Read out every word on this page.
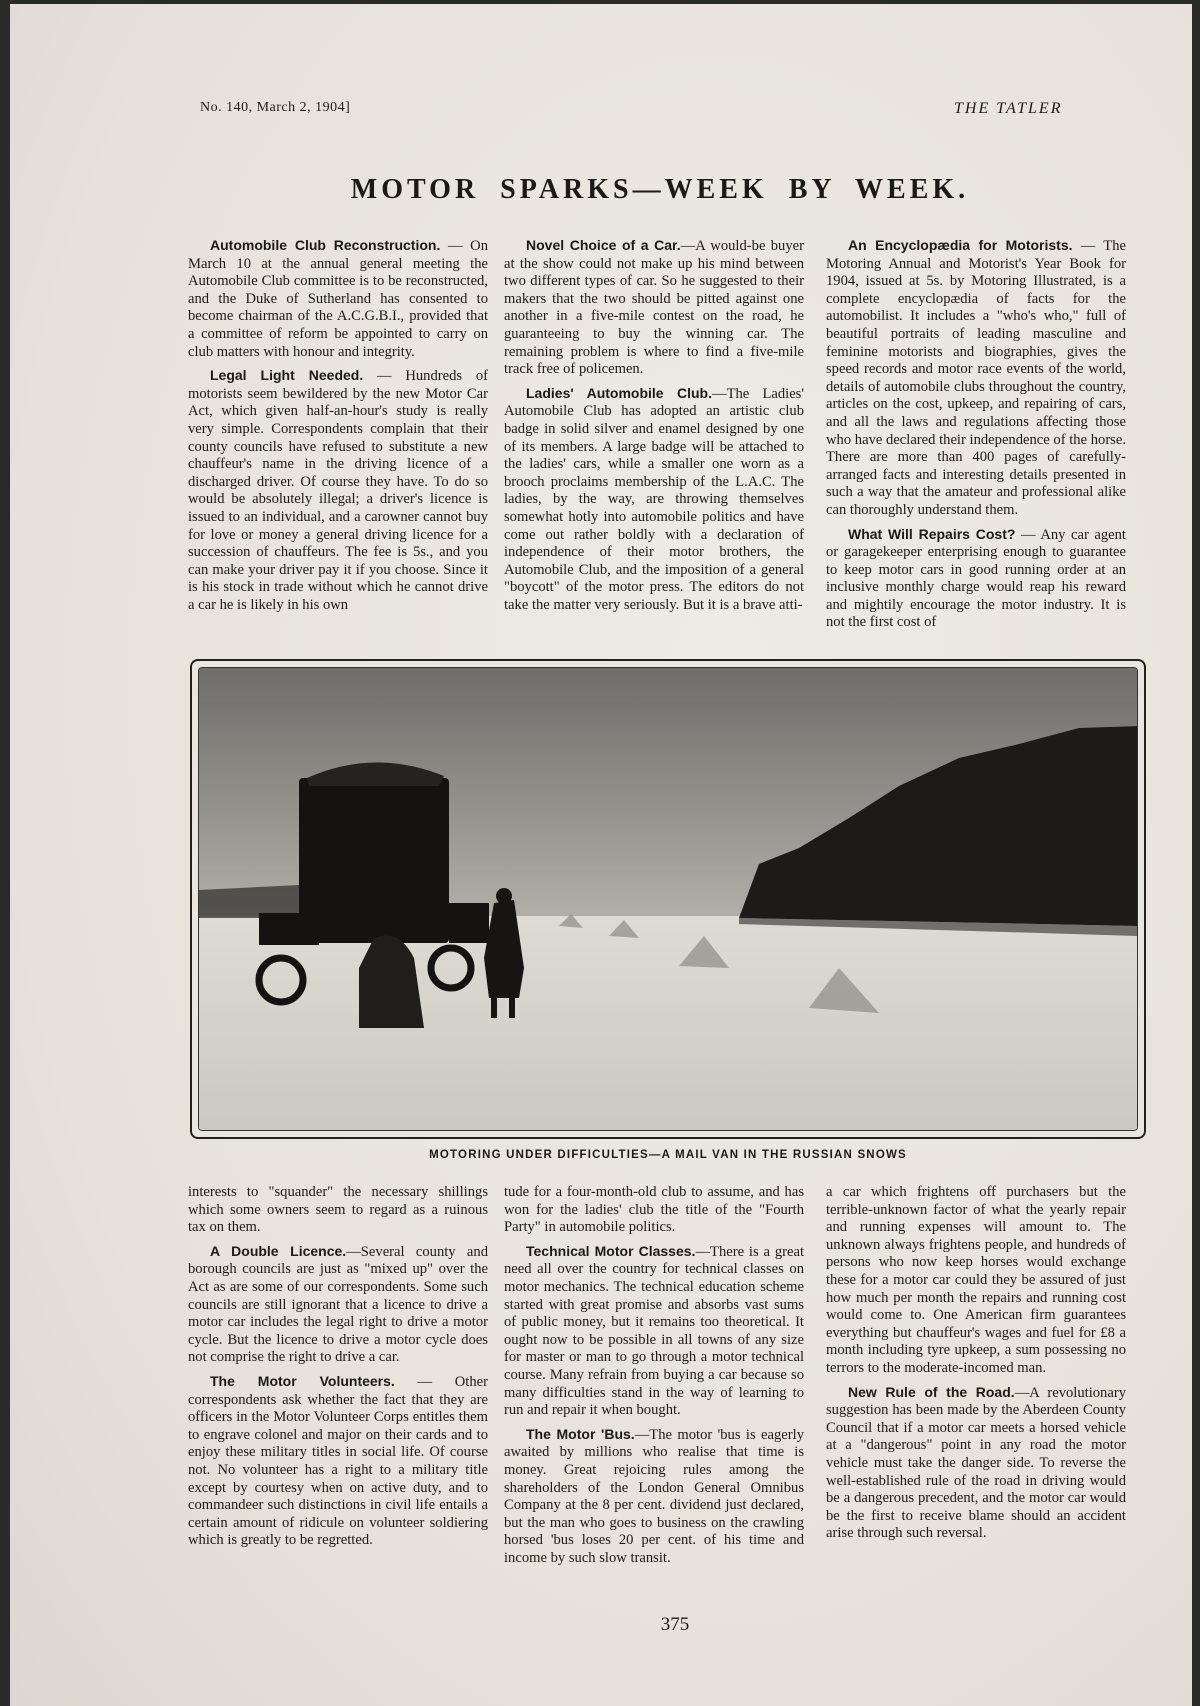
No. 140, March 2, 1904]	THE TATLER
MOTOR SPARKS—WEEK BY WEEK.

Automobile Club Reconstruction. — On March 10 at the annual general meeting the Automobile Club committee is to be reconstructed, and the Duke of Sutherland has consented to become chairman of the A.C.G.B.I., provided that a committee of reform be appointed to carry on club matters with honour and integrity.

Legal Light Needed. — Hundreds of motorists seem bewildered by the new Motor Car Act, which given half-an-hour's study is really very simple. Correspondents complain that their county councils have refused to substitute a new chauffeur's name in the driving licence of a discharged driver. Of course they have. To do so would be absolutely illegal; a driver's licence is issued to an individual, and a carowner cannot buy for love or money a general driving licence for a succession of chauffeurs. The fee is 5s., and you can make your driver pay it if you choose. Since it is his stock in trade without which he cannot drive a car he is likely in his own

Novel Choice of a Car.—A would-be buyer at the show could not make up his mind between two different types of car. So he suggested to their makers that the two should be pitted against one another in a five-mile contest on the road, he guaranteeing to buy the winning car. The remaining problem is where to find a five-mile track free of policemen.

Ladies' Automobile Club.—The Ladies' Automobile Club has adopted an artistic club badge in solid silver and enamel designed by one of its members. A large badge will be attached to the ladies' cars, while a smaller one worn as a brooch proclaims membership of the L.A.C. The ladies, by the way, are throwing themselves somewhat hotly into automobile politics and have come out rather boldly with a declaration of independence of their motor brothers, the Automobile Club, and the imposition of a general "boycott" of the motor press. The editors do not take the matter very seriously. But it is a brave atti-

An Encyclopædia for Motorists. — The Motoring Annual and Motorist's Year Book for 1904, issued at 5s. by Motoring Illustrated, is a complete encyclopædia of facts for the automobilist. It includes a "who's who," full of beautiful portraits of leading masculine and feminine motorists and biographies, gives the speed records and motor race events of the world, details of automobile clubs throughout the country, articles on the cost, upkeep, and repairing of cars, and all the laws and regulations affecting those who have declared their independence of the horse. There are more than 400 pages of carefully-arranged facts and interesting details presented in such a way that the amateur and professional alike can thoroughly understand them.

What Will Repairs Cost? — Any car agent or garagekeeper enterprising enough to guarantee to keep motor cars in good running order at an inclusive monthly charge would reap his reward and mightily encourage the motor industry. It is not the first cost of

MOTORING UNDER DIFFICULTIES—A MAIL VAN IN THE RUSSIAN SNOWS

interests to "squander" the necessary shillings which some owners seem to regard as a ruinous tax on them.

A Double Licence.—Several county and borough councils are just as "mixed up" over the Act as are some of our correspondents. Some such councils are still ignorant that a licence to drive a motor car includes the legal right to drive a motor cycle. But the licence to drive a motor cycle does not comprise the right to drive a car.

The Motor Volunteers. — Other correspondents ask whether the fact that they are officers in the Motor Volunteer Corps entitles them to engrave colonel and major on their cards and to enjoy these military titles in social life. Of course not. No volunteer has a right to a military title except by courtesy when on active duty, and to commandeer such distinctions in civil life entails a certain amount of ridicule on volunteer soldiering which is greatly to be regretted.

tude for a four-month-old club to assume, and has won for the ladies' club the title of the "Fourth Party" in automobile politics.

Technical Motor Classes.—There is a great need all over the country for technical classes on motor mechanics. The technical education scheme started with great promise and absorbs vast sums of public money, but it remains too theoretical. It ought now to be possible in all towns of any size for master or man to go through a motor technical course. Many refrain from buying a car because so many difficulties stand in the way of learning to run and repair it when bought.

The Motor 'Bus.—The motor 'bus is eagerly awaited by millions who realise that time is money. Great rejoicing rules among the shareholders of the London General Omnibus Company at the 8 per cent. dividend just declared, but the man who goes to business on the crawling horsed 'bus loses 20 per cent. of his time and income by such slow transit.

a car which frightens off purchasers but the terrible-unknown factor of what the yearly repair and running expenses will amount to. The unknown always frightens people, and hundreds of persons who now keep horses would exchange these for a motor car could they be assured of just how much per month the repairs and running cost would come to. One American firm guarantees everything but chauffeur's wages and fuel for £8 a month including tyre upkeep, a sum possessing no terrors to the moderate-incomed man.

New Rule of the Road.—A revolutionary suggestion has been made by the Aberdeen County Council that if a motor car meets a horsed vehicle at a "dangerous" point in any road the motor vehicle must take the danger side. To reverse the well-established rule of the road in driving would be a dangerous precedent, and the motor car would be the first to receive blame should an accident arise through such reversal.

375
